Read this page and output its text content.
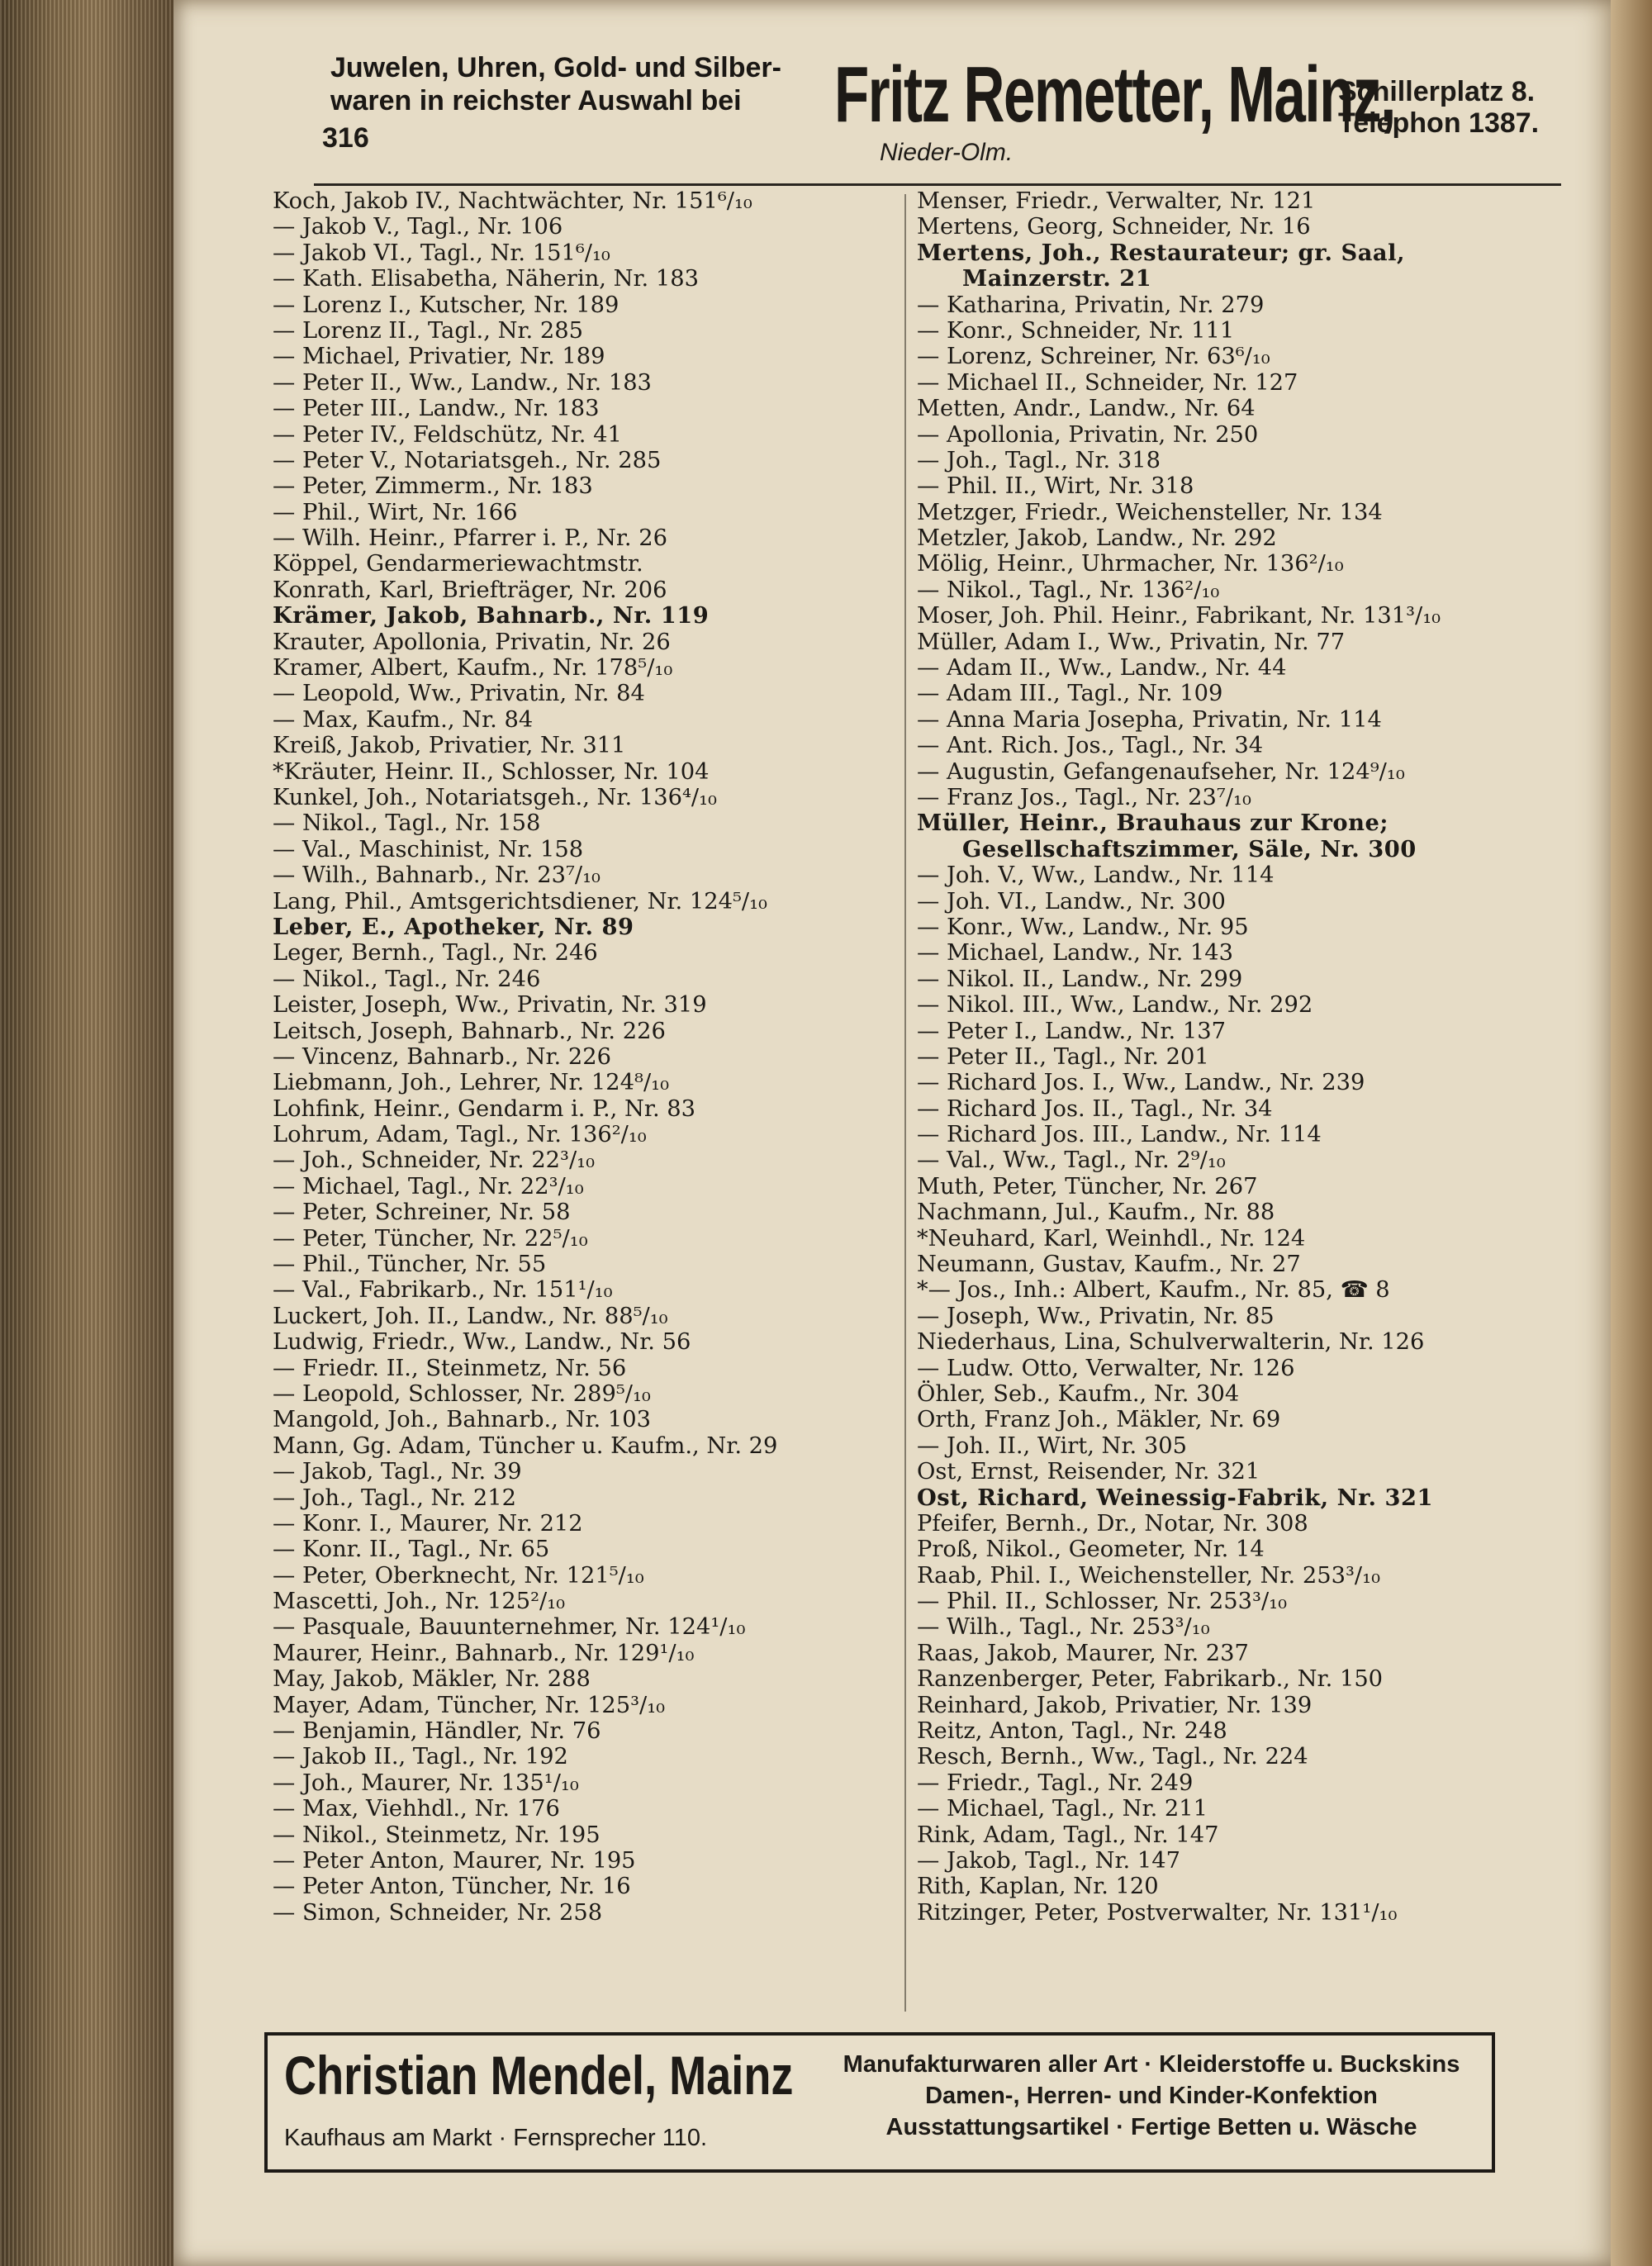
Juwelen, Uhren, Gold- und Silber-
waren in reichster Auswahl bei
316	Fritz Remetter, Mainz,
Nieder-Olm.
Schillerplatz 8.
Telephon 1387.
Koch, Jakob IV., Nachtwächter, Nr. 151⁶/₁₀
— Jakob V., Tagl., Nr. 106
— Jakob VI., Tagl., Nr. 151⁶/₁₀
— Kath. Elisabetha, Näherin, Nr. 183
— Lorenz I., Kutscher, Nr. 189
— Lorenz II., Tagl., Nr. 285
— Michael, Privatier, Nr. 189
— Peter II., Ww., Landw., Nr. 183
— Peter III., Landw., Nr. 183
— Peter IV., Feldschütz, Nr. 41
— Peter V., Notariatsgeh., Nr. 285
— Peter, Zimmerm., Nr. 183
— Phil., Wirt, Nr. 166
— Wilh. Heinr., Pfarrer i. P., Nr. 26
Köppel, Gendarmeriewachtmstr.
Konrath, Karl, Briefträger, Nr. 206
Krämer, Jakob, Bahnarb., Nr. 119
Krauter, Apollonia, Privatin, Nr. 26
Kramer, Albert, Kaufm., Nr. 178⁵/₁₀
— Leopold, Ww., Privatin, Nr. 84
— Max, Kaufm., Nr. 84
Kreiß, Jakob, Privatier, Nr. 311
*Kräuter, Heinr. II., Schlosser, Nr. 104
Kunkel, Joh., Notariatsgeh., Nr. 136⁴/₁₀
— Nikol., Tagl., Nr. 158
— Val., Maschinist, Nr. 158
— Wilh., Bahnarb., Nr. 23⁷/₁₀
Lang, Phil., Amtsgerichtsdiener, Nr. 124⁵/₁₀
Leber, E., Apotheker, Nr. 89
Leger, Bernh., Tagl., Nr. 246
— Nikol., Tagl., Nr. 246
Leister, Joseph, Ww., Privatin, Nr. 319
Leitsch, Joseph, Bahnarb., Nr. 226
— Vincenz, Bahnarb., Nr. 226
Liebmann, Joh., Lehrer, Nr. 124⁸/₁₀
Lohfink, Heinr., Gendarm i. P., Nr. 83
Lohrum, Adam, Tagl., Nr. 136²/₁₀
— Joh., Schneider, Nr. 22³/₁₀
— Michael, Tagl., Nr. 22³/₁₀
— Peter, Schreiner, Nr. 58
— Peter, Tüncher, Nr. 22⁵/₁₀
— Phil., Tüncher, Nr. 55
— Val., Fabrikarb., Nr. 151¹/₁₀
Luckert, Joh. II., Landw., Nr. 88⁵/₁₀
Ludwig, Friedr., Ww., Landw., Nr. 56
— Friedr. II., Steinmetz, Nr. 56
— Leopold, Schlosser, Nr. 289⁵/₁₀
Mangold, Joh., Bahnarb., Nr. 103
Mann, Gg. Adam, Tüncher u. Kaufm., Nr. 29
— Jakob, Tagl., Nr. 39
— Joh., Tagl., Nr. 212
— Konr. I., Maurer, Nr. 212
— Konr. II., Tagl., Nr. 65
— Peter, Oberknecht, Nr. 121⁵/₁₀
Mascetti, Joh., Nr. 125²/₁₀
— Pasquale, Bauunternehmer, Nr. 124¹/₁₀
Maurer, Heinr., Bahnarb., Nr. 129¹/₁₀
May, Jakob, Mäkler, Nr. 288
Mayer, Adam, Tüncher, Nr. 125³/₁₀
— Benjamin, Händler, Nr. 76
— Jakob II., Tagl., Nr. 192
— Joh., Maurer, Nr. 135¹/₁₀
— Max, Viehhdl., Nr. 176
— Nikol., Steinmetz, Nr. 195
— Peter Anton, Maurer, Nr. 195
— Peter Anton, Tüncher, Nr. 16
— Simon, Schneider, Nr. 258
Menser, Friedr., Verwalter, Nr. 121
Mertens, Georg, Schneider, Nr. 16
Mertens, Joh., Restaurateur; gr. Saal,
Mainzerstr. 21
— Katharina, Privatin, Nr. 279
— Konr., Schneider, Nr. 111
— Lorenz, Schreiner, Nr. 63⁶/₁₀
— Michael II., Schneider, Nr. 127
Metten, Andr., Landw., Nr. 64
— Apollonia, Privatin, Nr. 250
— Joh., Tagl., Nr. 318
— Phil. II., Wirt, Nr. 318
Metzger, Friedr., Weichensteller, Nr. 134
Metzler, Jakob, Landw., Nr. 292
Mölig, Heinr., Uhrmacher, Nr. 136²/₁₀
— Nikol., Tagl., Nr. 136²/₁₀
Moser, Joh. Phil. Heinr., Fabrikant, Nr. 131³/₁₀
Müller, Adam I., Ww., Privatin, Nr. 77
— Adam II., Ww., Landw., Nr. 44
— Adam III., Tagl., Nr. 109
— Anna Maria Josepha, Privatin, Nr. 114
— Ant. Rich. Jos., Tagl., Nr. 34
— Augustin, Gefangenaufseher, Nr. 124⁹/₁₀
— Franz Jos., Tagl., Nr. 23⁷/₁₀
Müller, Heinr., Brauhaus zur Krone;
Gesellschaftszimmer, Säle, Nr. 300
— Joh. V., Ww., Landw., Nr. 114
— Joh. VI., Landw., Nr. 300
— Konr., Ww., Landw., Nr. 95
— Michael, Landw., Nr. 143
— Nikol. II., Landw., Nr. 299
— Nikol. III., Ww., Landw., Nr. 292
— Peter I., Landw., Nr. 137
— Peter II., Tagl., Nr. 201
— Richard Jos. I., Ww., Landw., Nr. 239
— Richard Jos. II., Tagl., Nr. 34
— Richard Jos. III., Landw., Nr. 114
— Val., Ww., Tagl., Nr. 2⁹/₁₀
Muth, Peter, Tüncher, Nr. 267
Nachmann, Jul., Kaufm., Nr. 88
*Neuhard, Karl, Weinhdl., Nr. 124
Neumann, Gustav, Kaufm., Nr. 27
*— Jos., Inh.: Albert, Kaufm., Nr. 85, ☎ 8
— Joseph, Ww., Privatin, Nr. 85
Niederhaus, Lina, Schulverwalterin, Nr. 126
— Ludw. Otto, Verwalter, Nr. 126
Öhler, Seb., Kaufm., Nr. 304
Orth, Franz Joh., Mäkler, Nr. 69
— Joh. II., Wirt, Nr. 305
Ost, Ernst, Reisender, Nr. 321
Ost, Richard, Weinessig-Fabrik, Nr. 321
Pfeifer, Bernh., Dr., Notar, Nr. 308
Proß, Nikol., Geometer, Nr. 14
Raab, Phil. I., Weichensteller, Nr. 253³/₁₀
— Phil. II., Schlosser, Nr. 253³/₁₀
— Wilh., Tagl., Nr. 253³/₁₀
Raas, Jakob, Maurer, Nr. 237
Ranzenberger, Peter, Fabrikarb., Nr. 150
Reinhard, Jakob, Privatier, Nr. 139
Reitz, Anton, Tagl., Nr. 248
Resch, Bernh., Ww., Tagl., Nr. 224
— Friedr., Tagl., Nr. 249
— Michael, Tagl., Nr. 211
Rink, Adam, Tagl., Nr. 147
— Jakob, Tagl., Nr. 147
Rith, Kaplan, Nr. 120
Ritzinger, Peter, Postverwalter, Nr. 131¹/₁₀
Christian Mendel, Mainz
Kaufhaus am Markt · Fernsprecher 110.
Manufakturwaren aller Art · Kleiderstoffe u. Buckskins
Damen-, Herren- und Kinder-Konfektion
Ausstattungsartikel · Fertige Betten u. Wäsche
